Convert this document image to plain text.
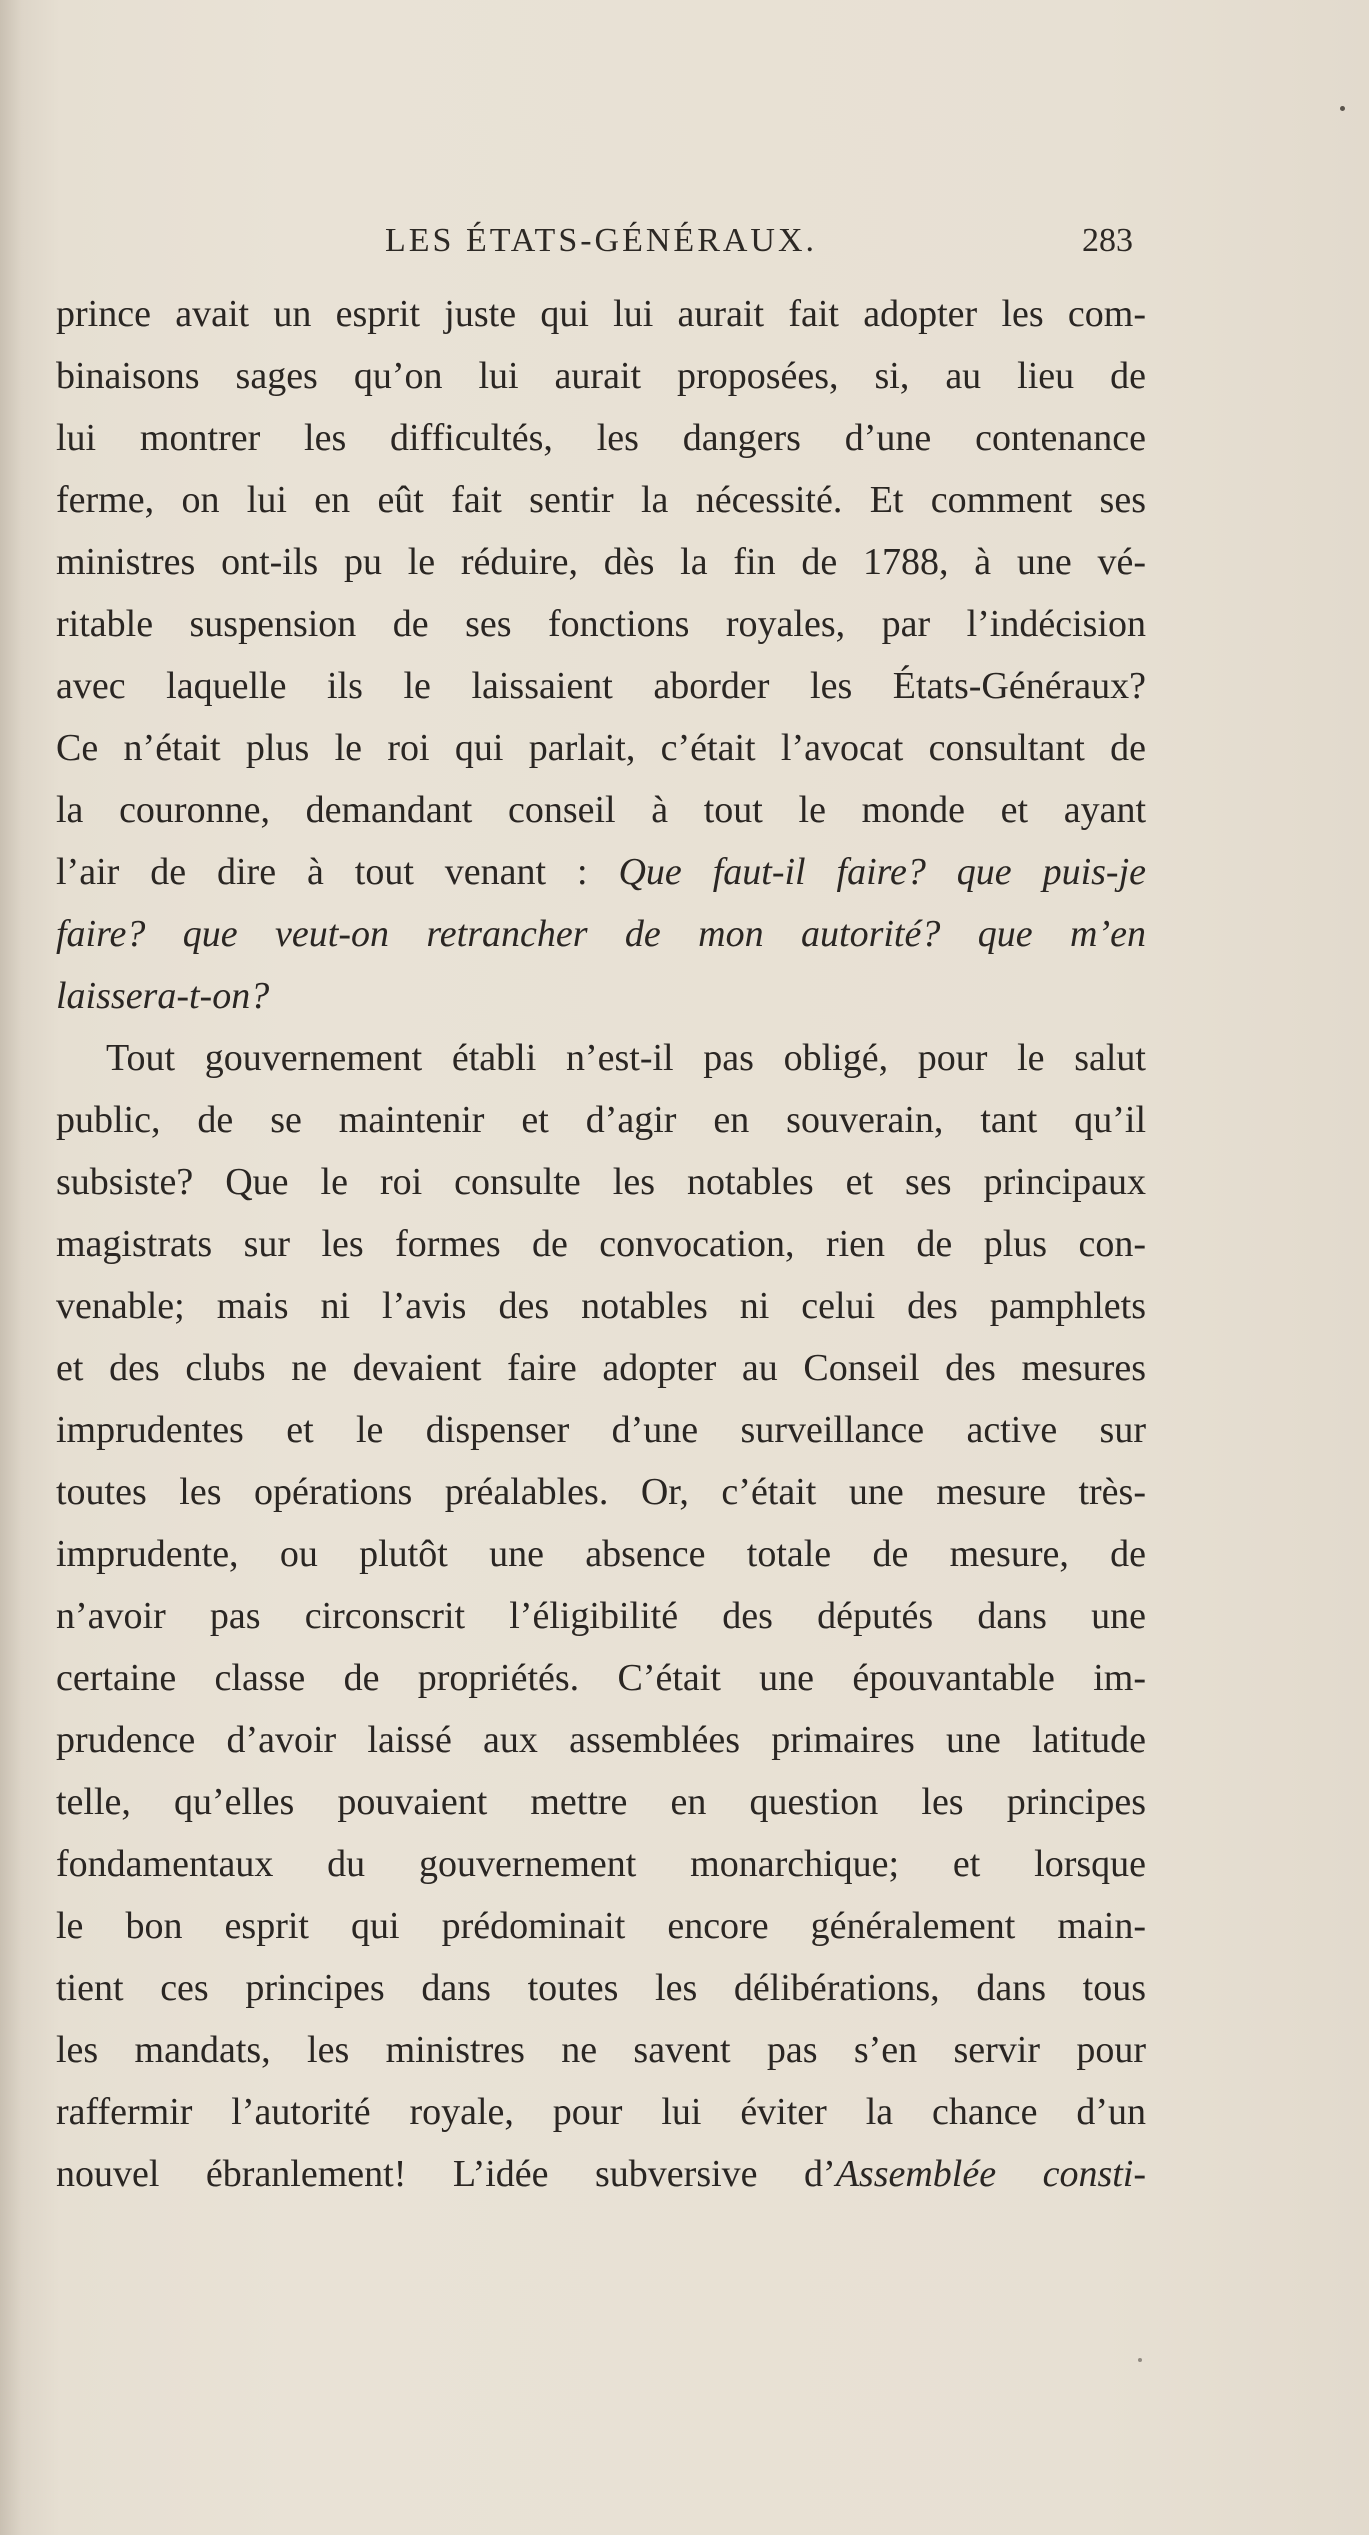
LES ÉTATS-GÉNÉRAUX.	283
prince avait un esprit juste qui lui aurait fait adopter les com-
binaisons sages qu’on lui aurait proposées, si, au lieu de
lui montrer les difficultés, les dangers d’une contenance
ferme, on lui en eût fait sentir la nécessité. Et comment ses
ministres ont-ils pu le réduire, dès la fin de 1788, à une vé-
ritable suspension de ses fonctions royales, par l’indécision
avec laquelle ils le laissaient aborder les États-Généraux?
Ce n’était plus le roi qui parlait, c’était l’avocat consultant de
la couronne, demandant conseil à tout le monde et ayant
l’air de dire à tout venant : Que faut-il faire? que puis-je
faire? que veut-on retrancher de mon autorité? que m’en
laissera-t-on?
Tout gouvernement établi n’est-il pas obligé, pour le salut
public, de se maintenir et d’agir en souverain, tant qu’il
subsiste? Que le roi consulte les notables et ses principaux
magistrats sur les formes de convocation, rien de plus con-
venable; mais ni l’avis des notables ni celui des pamphlets
et des clubs ne devaient faire adopter au Conseil des mesures
imprudentes et le dispenser d’une surveillance active sur
toutes les opérations préalables. Or, c’était une mesure très-
imprudente, ou plutôt une absence totale de mesure, de
n’avoir pas circonscrit l’éligibilité des députés dans une
certaine classe de propriétés. C’était une épouvantable im-
prudence d’avoir laissé aux assemblées primaires une latitude
telle, qu’elles pouvaient mettre en question les principes
fondamentaux du gouvernement monarchique; et lorsque
le bon esprit qui prédominait encore généralement main-
tient ces principes dans toutes les délibérations, dans tous
les mandats, les ministres ne savent pas s’en servir pour
raffermir l’autorité royale, pour lui éviter la chance d’un
nouvel ébranlement! L’idée subversive d’Assemblée consti-
